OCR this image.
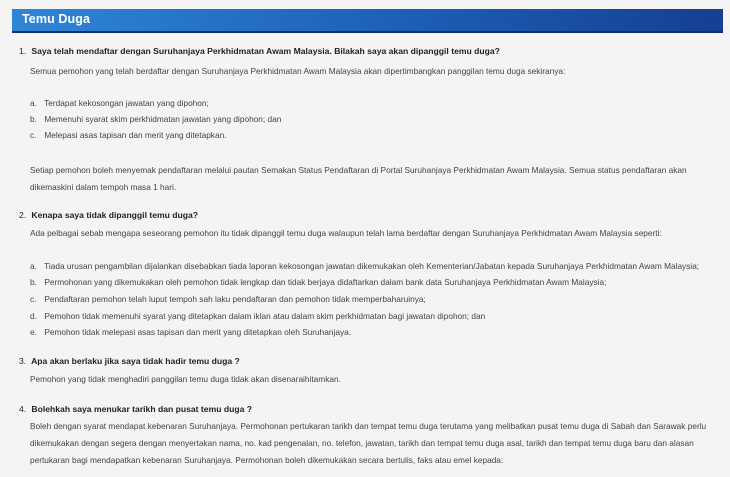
Temu Duga
1. Saya telah mendaftar dengan Suruhanjaya Perkhidmatan Awam Malaysia. Bilakah saya akan dipanggil temu duga?
Semua pemohon yang telah berdaftar dengan Suruhanjaya Perkhidmatan Awam Malaysia akan dipertimbangkan panggilan temu duga sekiranya:
a. Terdapat kekosongan jawatan yang dipohon;
b. Memenuhi syarat skim perkhidmatan jawatan yang dipohon; dan
c. Melepasi asas tapisan dan merit yang ditetapkan.
Setiap pemohon boleh menyemak pendaftaran melalui pautan Semakan Status Pendaftaran di Portal Suruhanjaya Perkhidmatan Awam Malaysia. Semua status pendaftaran akan
dikemaskini dalam tempoh masa 1 hari.
2. Kenapa saya tidak dipanggil temu duga?
Ada pelbagai sebab mengapa seseorang pemohon itu tidak dipanggil temu duga walaupun telah lama berdaftar dengan Suruhanjaya Perkhidmatan Awam Malaysia seperti:
a. Tiada urusan pengambilan dijalankan disebabkan tiada laporan kekosongan jawatan dikemukakan oleh Kementerian/Jabatan kepada Suruhanjaya Perkhidmatan Awam Malaysia;
b. Permohonan yang dikemukakan oleh pemohon tidak lengkap dan tidak berjaya didaftarkan dalam bank data Suruhanjaya Perkhidmatan Awam Malaysia;
c. Pendaftaran pemohon telah luput tempoh sah laku pendaftaran dan pemohon tidak memperbaharuinya;
d. Pemohon tidak memenuhi syarat yang ditetapkan dalam iklan atau dalam skim perkhidmatan bagi jawatan dipohon; dan
e. Pemohon tidak melepasi asas tapisan dan merit yang ditetapkan oleh Suruhanjaya.
3. Apa akan berlaku jika saya tidak hadir temu duga ?
Pemohon yang tidak menghadiri panggilan temu duga tidak akan disenaraihitamkan.
4. Bolehkah saya menukar tarikh dan pusat temu duga ?
Boleh dengan syarat mendapat kebenaran Suruhanjaya. Permohonan pertukaran tarikh dan tempat temu duga terutama yang melibatkan pusat temu duga di Sabah dan Sarawak perlu
dikemukakan dengan segera dengan menyertakan nama, no. kad pengenalan, no. telefon, jawatan, tarikh dan tempat temu duga asal, tarikh dan tempat temu duga baru dan alasan
pertukaran bagi mendapatkan kebenaran Suruhanjaya. Permohonan boleh dikemukakan secara bertulis, faks atau emel kepada:
